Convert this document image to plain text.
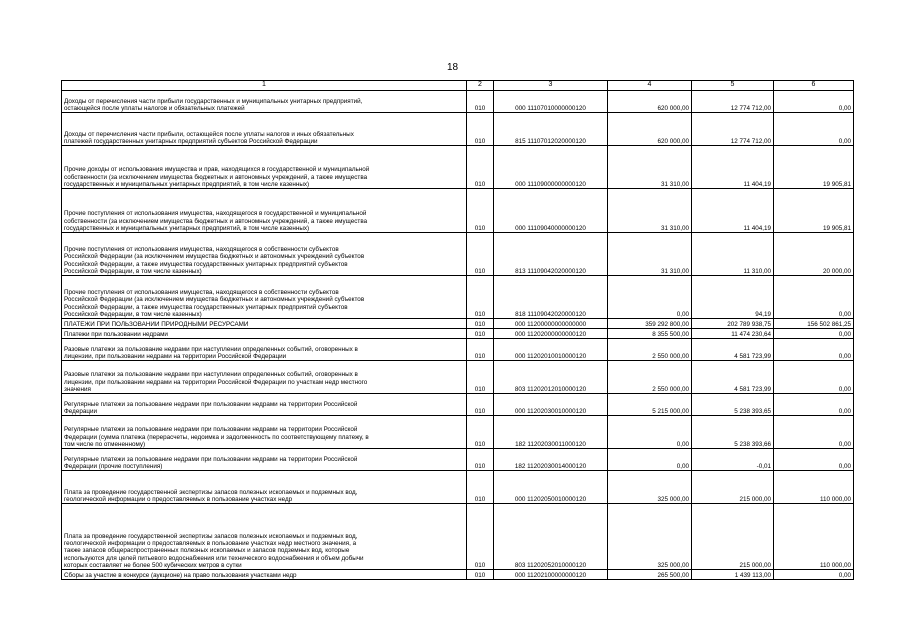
18
1	2	3	4	5	6
Доходы от перечисления части прибыли государственных и муниципальных унитарных предприятий,
остающейся после уплаты налогов и обязательных платежей	010	000 11107010000000120	620 000,00	12 774 712,00	0,00
Доходы от перечисления части прибыли, остающейся после уплаты налогов и иных обязательных
платежей государственных унитарных предприятий субъектов Российской Федерации	010	815 11107012020000120	620 000,00	12 774 712,00	0,00
Прочие доходы от использования имущества и прав, находящихся в государственной и муниципальной
собственности (за исключением имущества бюджетных и автономных учреждений, а также имущества
государственных и муниципальных унитарных предприятий, в том числе казенных)	010	000 11109000000000120	31 310,00	11 404,19	19 905,81
Прочие поступления от использования имущества, находящегося в государственной и муниципальной
собственности (за исключением имущества бюджетных и автономных учреждений, а также имущества
государственных и муниципальных унитарных предприятий, в том числе казенных)	010	000 11109040000000120	31 310,00	11 404,19	19 905,81
Прочие поступления от использования имущества, находящегося в собственности субъектов
Российской Федерации (за исключением имущества бюджетных и автономных учреждений субъектов
Российской Федерации, а также имущества государственных унитарных предприятий субъектов
Российской Федерации, в том числе казенных)	010	813 11109042020000120	31 310,00	11 310,00	20 000,00
Прочие поступления от использования имущества, находящегося в собственности субъектов
Российской Федерации (за исключением имущества бюджетных и автономных учреждений субъектов
Российской Федерации, а также имущества государственных унитарных предприятий субъектов
Российской Федерации, в том числе казенных)	010	818 11109042020000120	0,00	94,19	0,00
ПЛАТЕЖИ ПРИ ПОЛЬЗОВАНИИ ПРИРОДНЫМИ РЕСУРСАМИ	010	000 11200000000000000	359 292 800,00	202 789 938,75	156 502 861,25
Платежи при пользовании недрами	010	000 11202000000000120	8 355 500,00	11 474 230,64	0,00
Разовые платежи за пользование недрами при наступлении определенных событий, оговоренных в
лицензии, при пользовании недрами на территории Российской Федерации	010	000 11202010010000120	2 550 000,00	4 581 723,99	0,00
Разовые платежи за пользование недрами при наступлении определенных событий, оговоренных в
лицензии, при пользовании недрами на территории Российской Федерации по участкам недр местного
значения	010	803 11202012010000120	2 550 000,00	4 581 723,99	0,00
Регулярные платежи за пользование недрами при пользовании недрами на территории Российской
Федерации	010	000 11202030010000120	5 215 000,00	5 238 393,65	0,00
Регулярные платежи за пользование недрами при пользовании недрами на территории Российской
Федерации (сумма платежа (перерасчеты, недоимка и задолженность по соответствующему платежу, в
том числе по отмененному)	010	182 11202030011000120	0,00	5 238 393,66	0,00
Регулярные платежи за пользование недрами при пользовании недрами на территории Российской
Федерации (прочие поступления)	010	182 11202030014000120	0,00	-0,01	0,00
Плата за проведение государственной экспертизы запасов полезных ископаемых и подземных вод,
геологической информации о предоставляемых в пользование участках недр	010	000 11202050010000120	325 000,00	215 000,00	110 000,00
Плата за проведение государственной экспертизы запасов полезных ископаемых и подземных вод,
геологической информации о предоставляемых в пользование участках недр местного значения, а
также запасов общераспространенных полезных ископаемых и запасов подземных вод, которые
используются для целей питьевого водоснабжения или технического водоснабжения и объем добычи
которых составляет не более 500 кубических метров в сутки	010	803 11202052010000120	325 000,00	215 000,00	110 000,00
Сборы за участие в конкурсе (аукционе) на право пользования участками недр	010	000 11202100000000120	265 500,00	1 439 113,00	0,00
